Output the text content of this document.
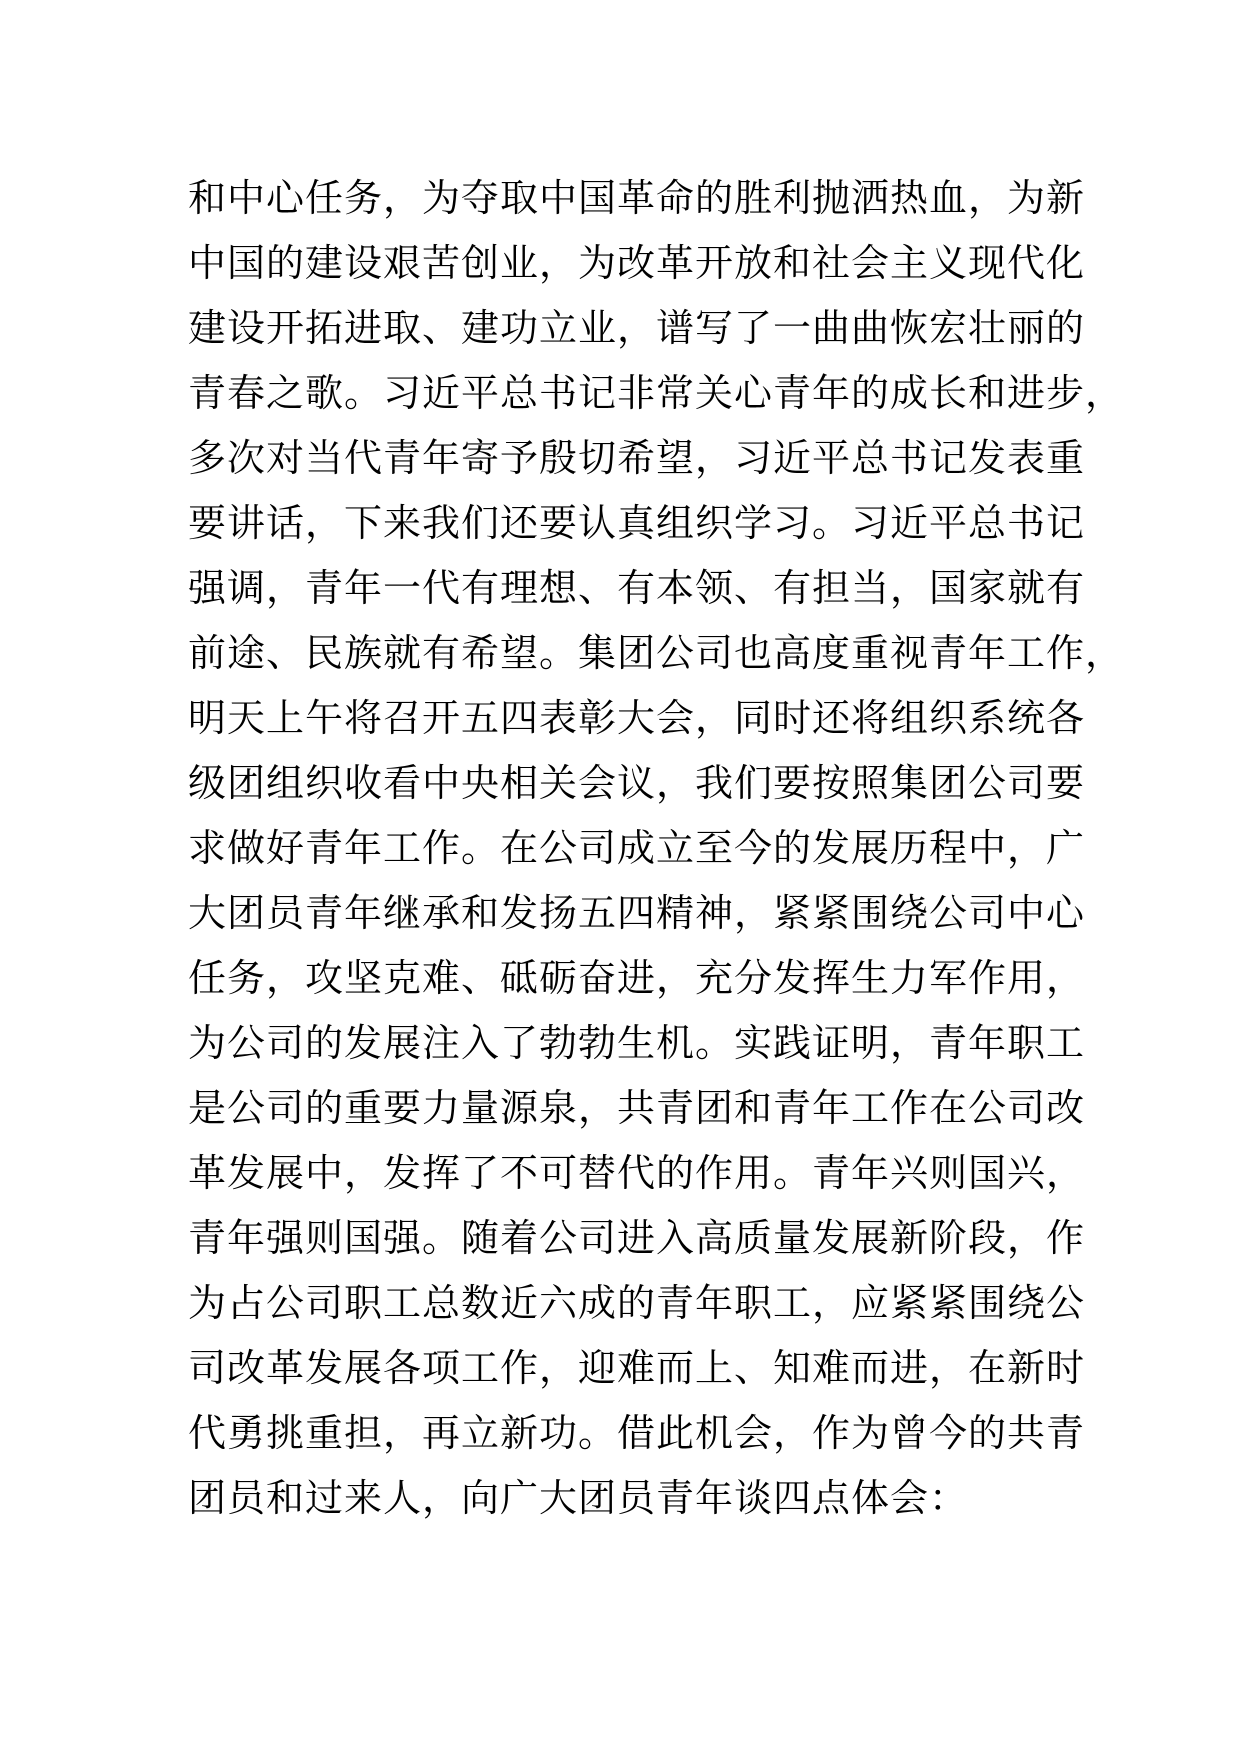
和中心任务，为夺取中国革命的胜利抛洒热血，为新
中国的建设艰苦创业，为改革开放和社会主义现代化
建设开拓进取、建功立业，谱写了一曲曲恢宏壮丽的
青春之歌。习近平总书记非常关心青年的成长和进步，
多次对当代青年寄予殷切希望，习近平总书记发表重
要讲话，下来我们还要认真组织学习。习近平总书记
强调，青年一代有理想、有本领、有担当，国家就有
前途、民族就有希望。集团公司也高度重视青年工作，
明天上午将召开五四表彰大会，同时还将组织系统各
级团组织收看中央相关会议，我们要按照集团公司要
求做好青年工作。在公司成立至今的发展历程中，广
大团员青年继承和发扬五四精神，紧紧围绕公司中心
任务，攻坚克难、砥砺奋进，充分发挥生力军作用，
为公司的发展注入了勃勃生机。实践证明，青年职工
是公司的重要力量源泉，共青团和青年工作在公司改
革发展中，发挥了不可替代的作用。青年兴则国兴，
青年强则国强。随着公司进入高质量发展新阶段，作
为占公司职工总数近六成的青年职工，应紧紧围绕公
司改革发展各项工作，迎难而上、知难而进，在新时
代勇挑重担，再立新功。借此机会，作为曾今的共青
团员和过来人，向广大团员青年谈四点体会：
